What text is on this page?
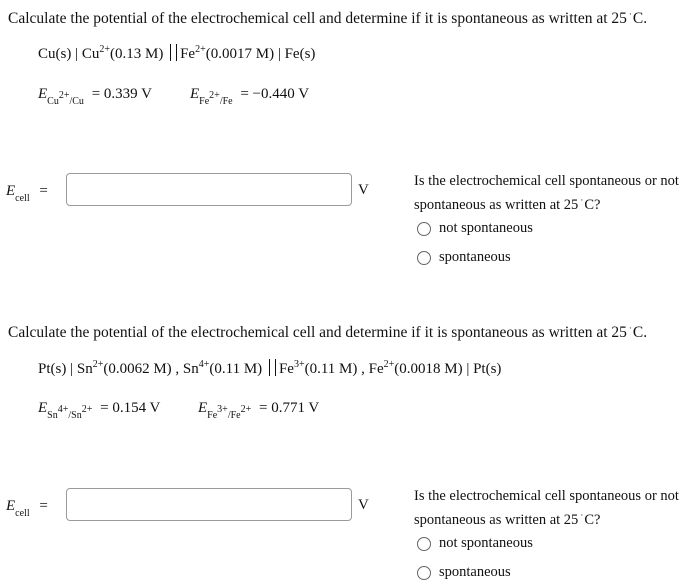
Calculate the potential of the electrochemical cell and determine if it is spontaneous as written at 25 ·C.
Cu(s) | $Cu^{2+}(0.13$ M) $Fe^{2+}(0.0017$ M) | Fe(s)
$E_{Cu^{2+}/Cu} = 0.339$ V	$E_{Fe^{2+}/Fe} = -0.440$ V
$E_{cell}$ =	V
Is the electrochemical cell spontaneous or not spontaneous as written at 25 ·C?
not spontaneous
spontaneous
Calculate the potential of the electrochemical cell and determine if it is spontaneous as written at 25 ·C.
Pt(s) | $Sn^{2+}(0.0062$ M) , $Sn^{4+}(0.11$ M) $Fe^{3+}(0.11$ M) , $Fe^{2+}(0.0018$ M) | Pt(s)
$E_{Sn^{4+}/Sn^{2+}} = 0.154$ V	$E_{Fe^{3+}/Fe^{2+}} = 0.771$ V
$E_{cell}$ =	V
Is the electrochemical cell spontaneous or not spontaneous as written at 25 ·C?
not spontaneous
spontaneous
